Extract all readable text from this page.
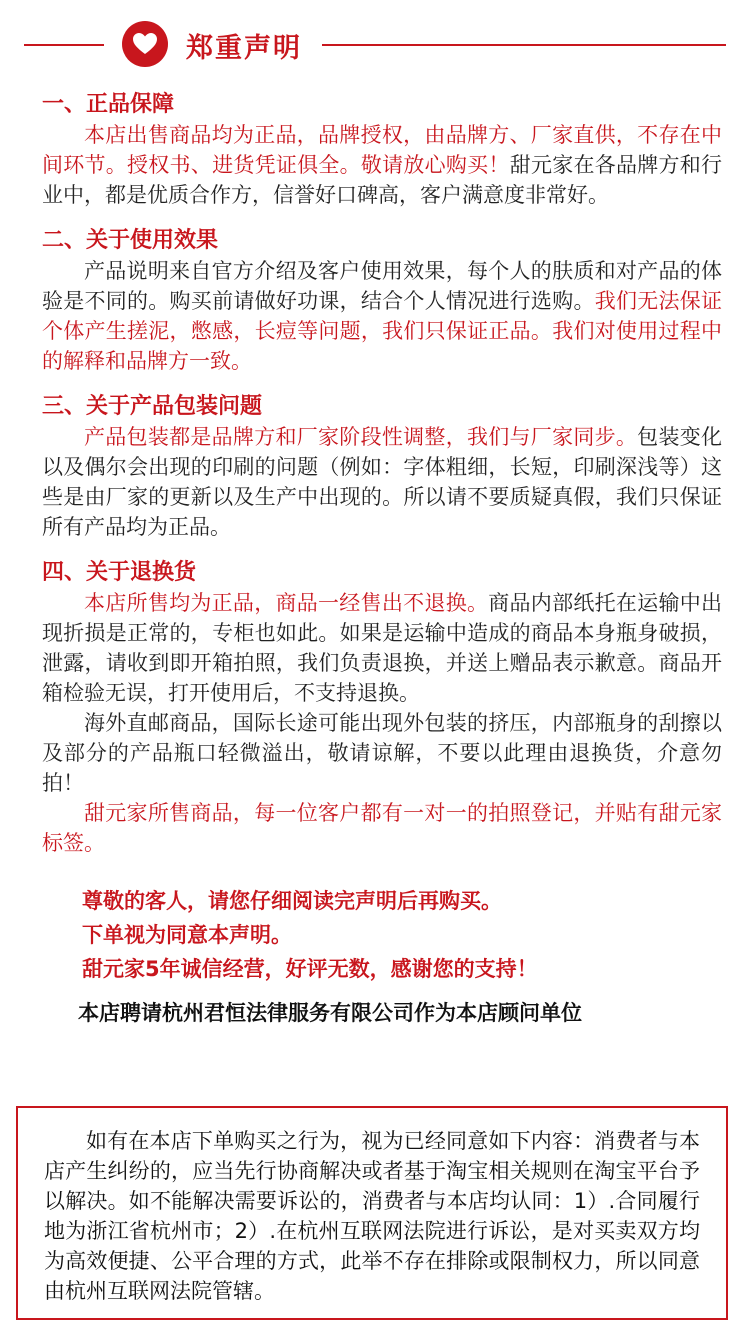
郑重声明
一、正品保障

本店出售商品均为正品，品牌授权，由品牌方、厂家直供，不存在中间环节。授权书、进货凭证俱全。敬请放心购买！甜元家在各品牌方和行业中，都是优质合作方，信誉好口碑高，客户满意度非常好。

二、关于使用效果

产品说明来自官方介绍及客户使用效果，每个人的肤质和对产品的体验是不同的。购买前请做好功课，结合个人情况进行选购。我们无法保证个体产生搓泥，憋感，长痘等问题，我们只保证正品。我们对使用过程中的解释和品牌方一致。

三、关于产品包装问题

产品包装都是品牌方和厂家阶段性调整，我们与厂家同步。包装变化以及偶尔会出现的印刷的问题（例如：字体粗细，长短，印刷深浅等）这些是由厂家的更新以及生产中出现的。所以请不要质疑真假，我们只保证所有产品均为正品。

四、关于退换货

本店所售均为正品，商品一经售出不退换。商品内部纸托在运输中出现折损是正常的，专柜也如此。如果是运输中造成的商品本身瓶身破损，泄露，请收到即开箱拍照，我们负责退换，并送上赠品表示歉意。商品开箱检验无误，打开使用后，不支持退换。

海外直邮商品，国际长途可能出现外包装的挤压，内部瓶身的刮擦以及部分的产品瓶口轻微溢出，敬请谅解，不要以此理由退换货，介意勿拍！

甜元家所售商品，每一位客户都有一对一的拍照登记，并贴有甜元家标签。

尊敬的客人，请您仔细阅读完声明后再购买。
下单视为同意本声明。
甜元家5年诚信经营，好评无数，感谢您的支持！
本店聘请杭州君恒法律服务有限公司作为本店顾问单位

如有在本店下单购买之行为，视为已经同意如下内容：消费者与本店产生纠纷的，应当先行协商解决或者基于淘宝相关规则在淘宝平台予以解决。如不能解决需要诉讼的，消费者与本店均认同：1）.合同履行地为浙江省杭州市；2）.在杭州互联网法院进行诉讼，是对买卖双方均为高效便捷、公平合理的方式，此举不存在排除或限制权力，所以同意由杭州互联网法院管辖。
